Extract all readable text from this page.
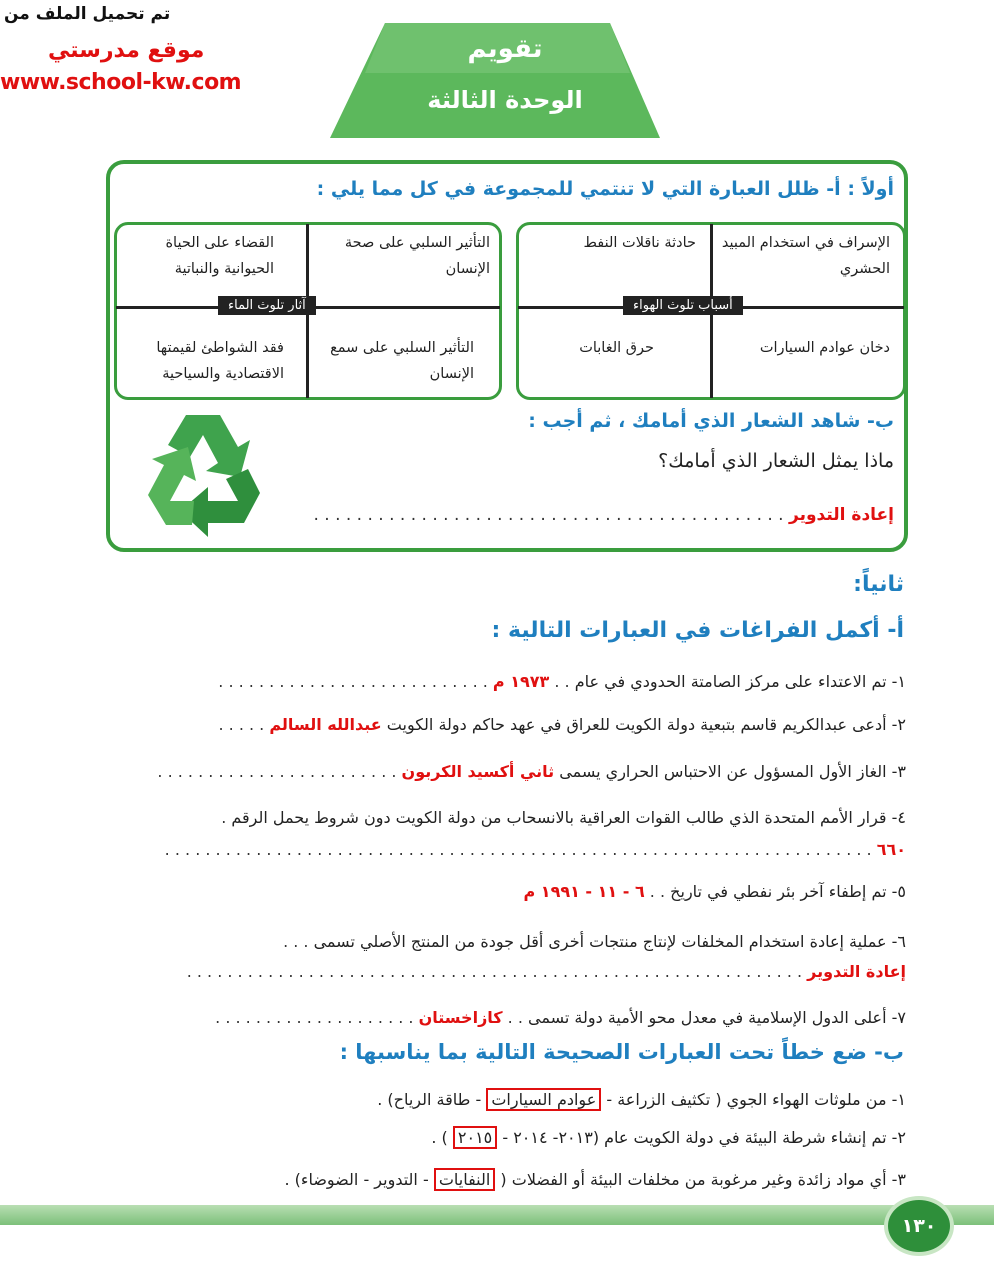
تم تحميل الملف من
موقع مدرستي
www.school-kw.com
تقويم
الوحدة الثالثة
أولاً : أ- ظلل العبارة التي لا تنتمي للمجموعة في كل مما يلي :
أسباب تلوث الهواء
الإسراف في استخدام المبيد الحشري
حادثة ناقلات النفط
دخان عوادم السيارات
حرق الغابات
آثار تلوث الماء
التأثير السلبي على صحة الإنسان
القضاء على الحياة الحيوانية والنباتية
التأثير السلبي على سمع الإنسان
فقد الشواطئ لقيمتها الاقتصادية والسياحية
ب- شاهد الشعار الذي أمامك ، ثم أجب :
ماذا يمثل الشعار الذي أمامك؟
إعادة التدوير . . . . . . . . . . . . . . . . . . . . . . . . . . . . . . . . . . . . . . . . . . . .
ثانياً:
أ- أكمل الفراغات في العبارات التالية :
١- تم الاعتداء على مركز الصامتة الحدودي في عام . . ١٩٧٣ م . . . . . . . . . . . . . . . . . . . . . . . . . . .
٢- أدعى عبدالكريم قاسم بتبعية دولة الكويت للعراق في عهد حاكم دولة الكويت عبدالله السالم . . . . .
٣- الغاز الأول المسؤول عن الاحتباس الحراري يسمى ثاني أكسيد الكربون . . . . . . . . . . . . . . . . . . . . . . . .
٤- قرار الأمم المتحدة الذي طالب القوات العراقية بالانسحاب من دولة الكويت دون شروط يحمل الرقم .
٦٦٠ . . . . . . . . . . . . . . . . . . . . . . . . . . . . . . . . . . . . . . . . . . . . . . . . . . . . . . . . . . . . . . . . . . . . . .
٥- تم إطفاء آخر بئر نفطي في تاريخ . . ٦ - ١١ - ١٩٩١ م
٦- عملية إعادة استخدام المخلفات لإنتاج منتجات أخرى أقل جودة من المنتج الأصلي تسمى . . .
إعادة التدوير . . . . . . . . . . . . . . . . . . . . . . . . . . . . . . . . . . . . . . . . . . . . . . . . . . . . . . . . . . . . .
٧- أعلى الدول الإسلامية في معدل محو الأمية دولة تسمى . . كازاخستان . . . . . . . . . . . . . . . . . . . .
ب- ضع خطاً تحت العبارات الصحيحة التالية بما يناسبها :
١- من ملوثات الهواء الجوي ( تكثيف الزراعة - عوادم السيارات - طاقة الرياح) .
٢- تم إنشاء شرطة البيئة في دولة الكويت عام (٢٠١٣- ٢٠١٤ - ٢٠١٥ ) .
٣- أي مواد زائدة وغير مرغوبة من مخلفات البيئة أو الفضلات ( النفايات - التدوير - الضوضاء) .
١٣٠
